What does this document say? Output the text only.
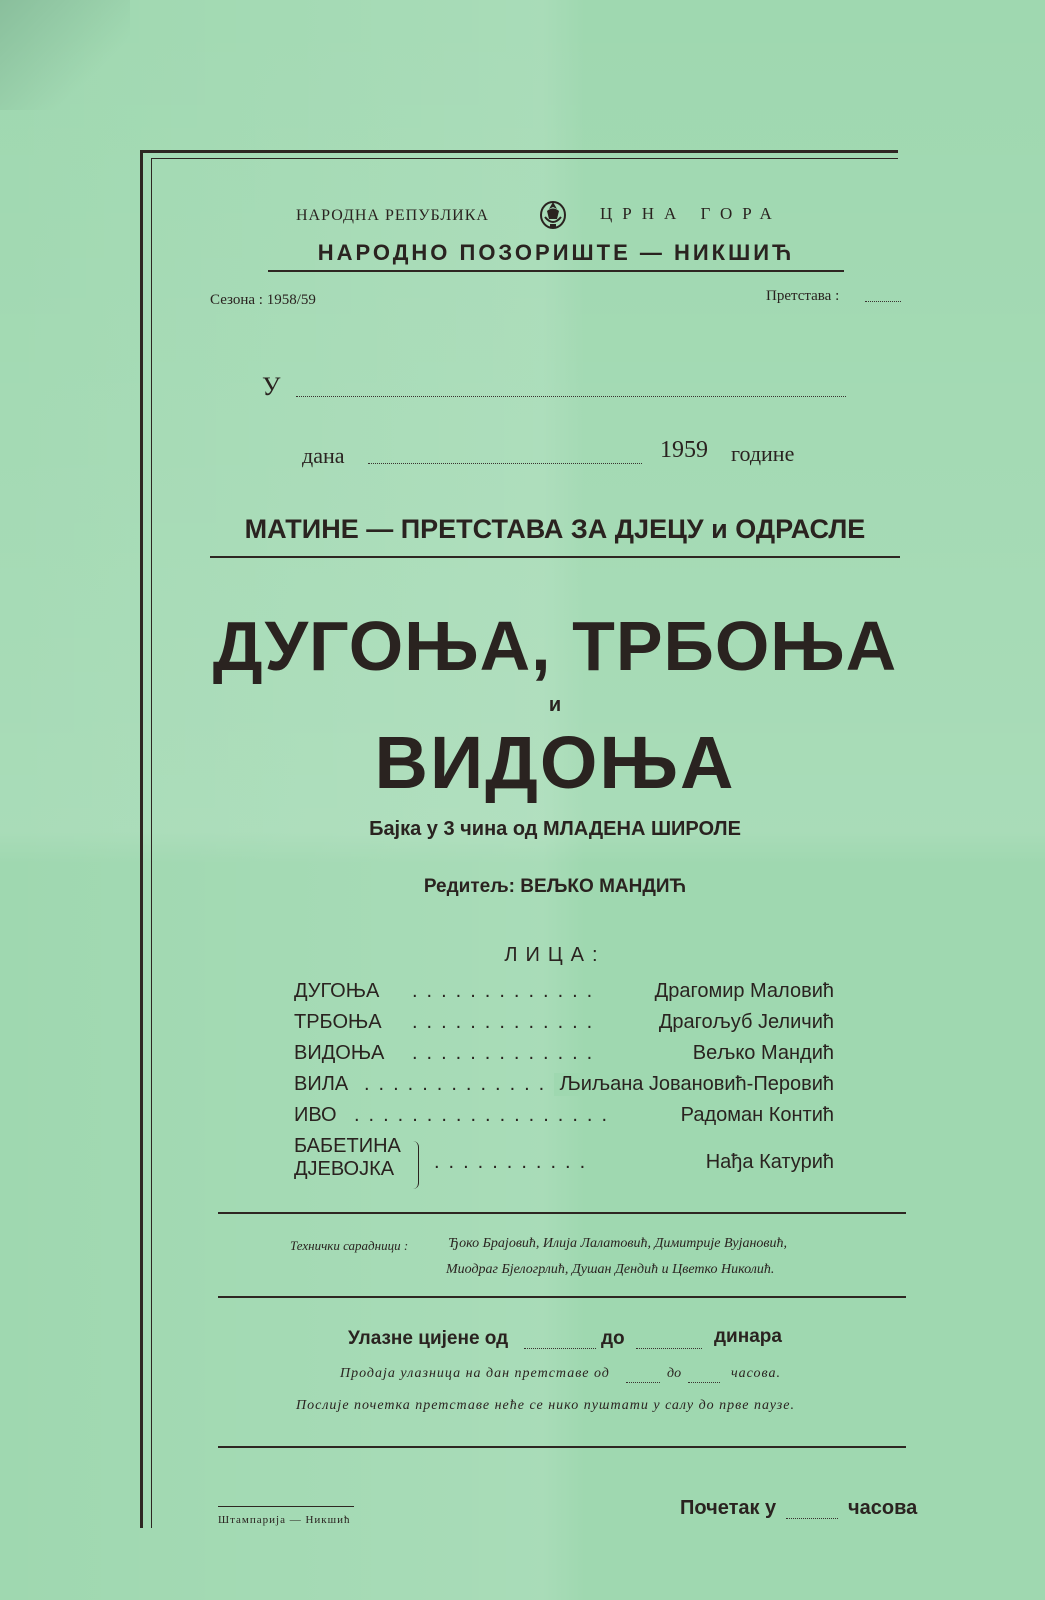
НАРОДНА РЕПУБЛИКА	ЦРНА ГОРА
НАРОДНО ПОЗОРИШТЕ — НИКШИЋ
Сезона : 1958/59	Претстава :
У
дана	1959 године
МАТИНЕ — ПРЕТСТАВА ЗА ДЈЕЦУ и ОДРАСЛЕ
ДУГОЊА, ТРБОЊА
и
ВИДОЊА
Бајка у 3 чина од МЛАДЕНА ШИРОЛЕ
Редитељ: ВЕЉКО МАНДИЋ
ЛИЦА:
ДУГОЊА .............	Драгомир Маловић
ТРБОЊА .............	Драгољуб Јеличић
ВИДОЊА .............	Вељко Мандић
ВИЛА ............. Љиљана Јовановић-Перовић
ИВО ..................	Радоман Контић
БАБЕТИНА
ДЈЕВОЈКА	...........	Нађа Катурић
Технички сарадници :	Ђоко Брајовић, Илија Лалатовић, Димитрије Вујановић,
Миодраг Бјелогрлић, Душан Дендић и Цветко Николић.
Улазне цијене од	до	динара
Продаја улазница на дан претставе од	до	часова.
Послије почетка претставе неће се нико пуштати у салу до прве паузе.
Штампарија — Никшић
Почетак у	часова
